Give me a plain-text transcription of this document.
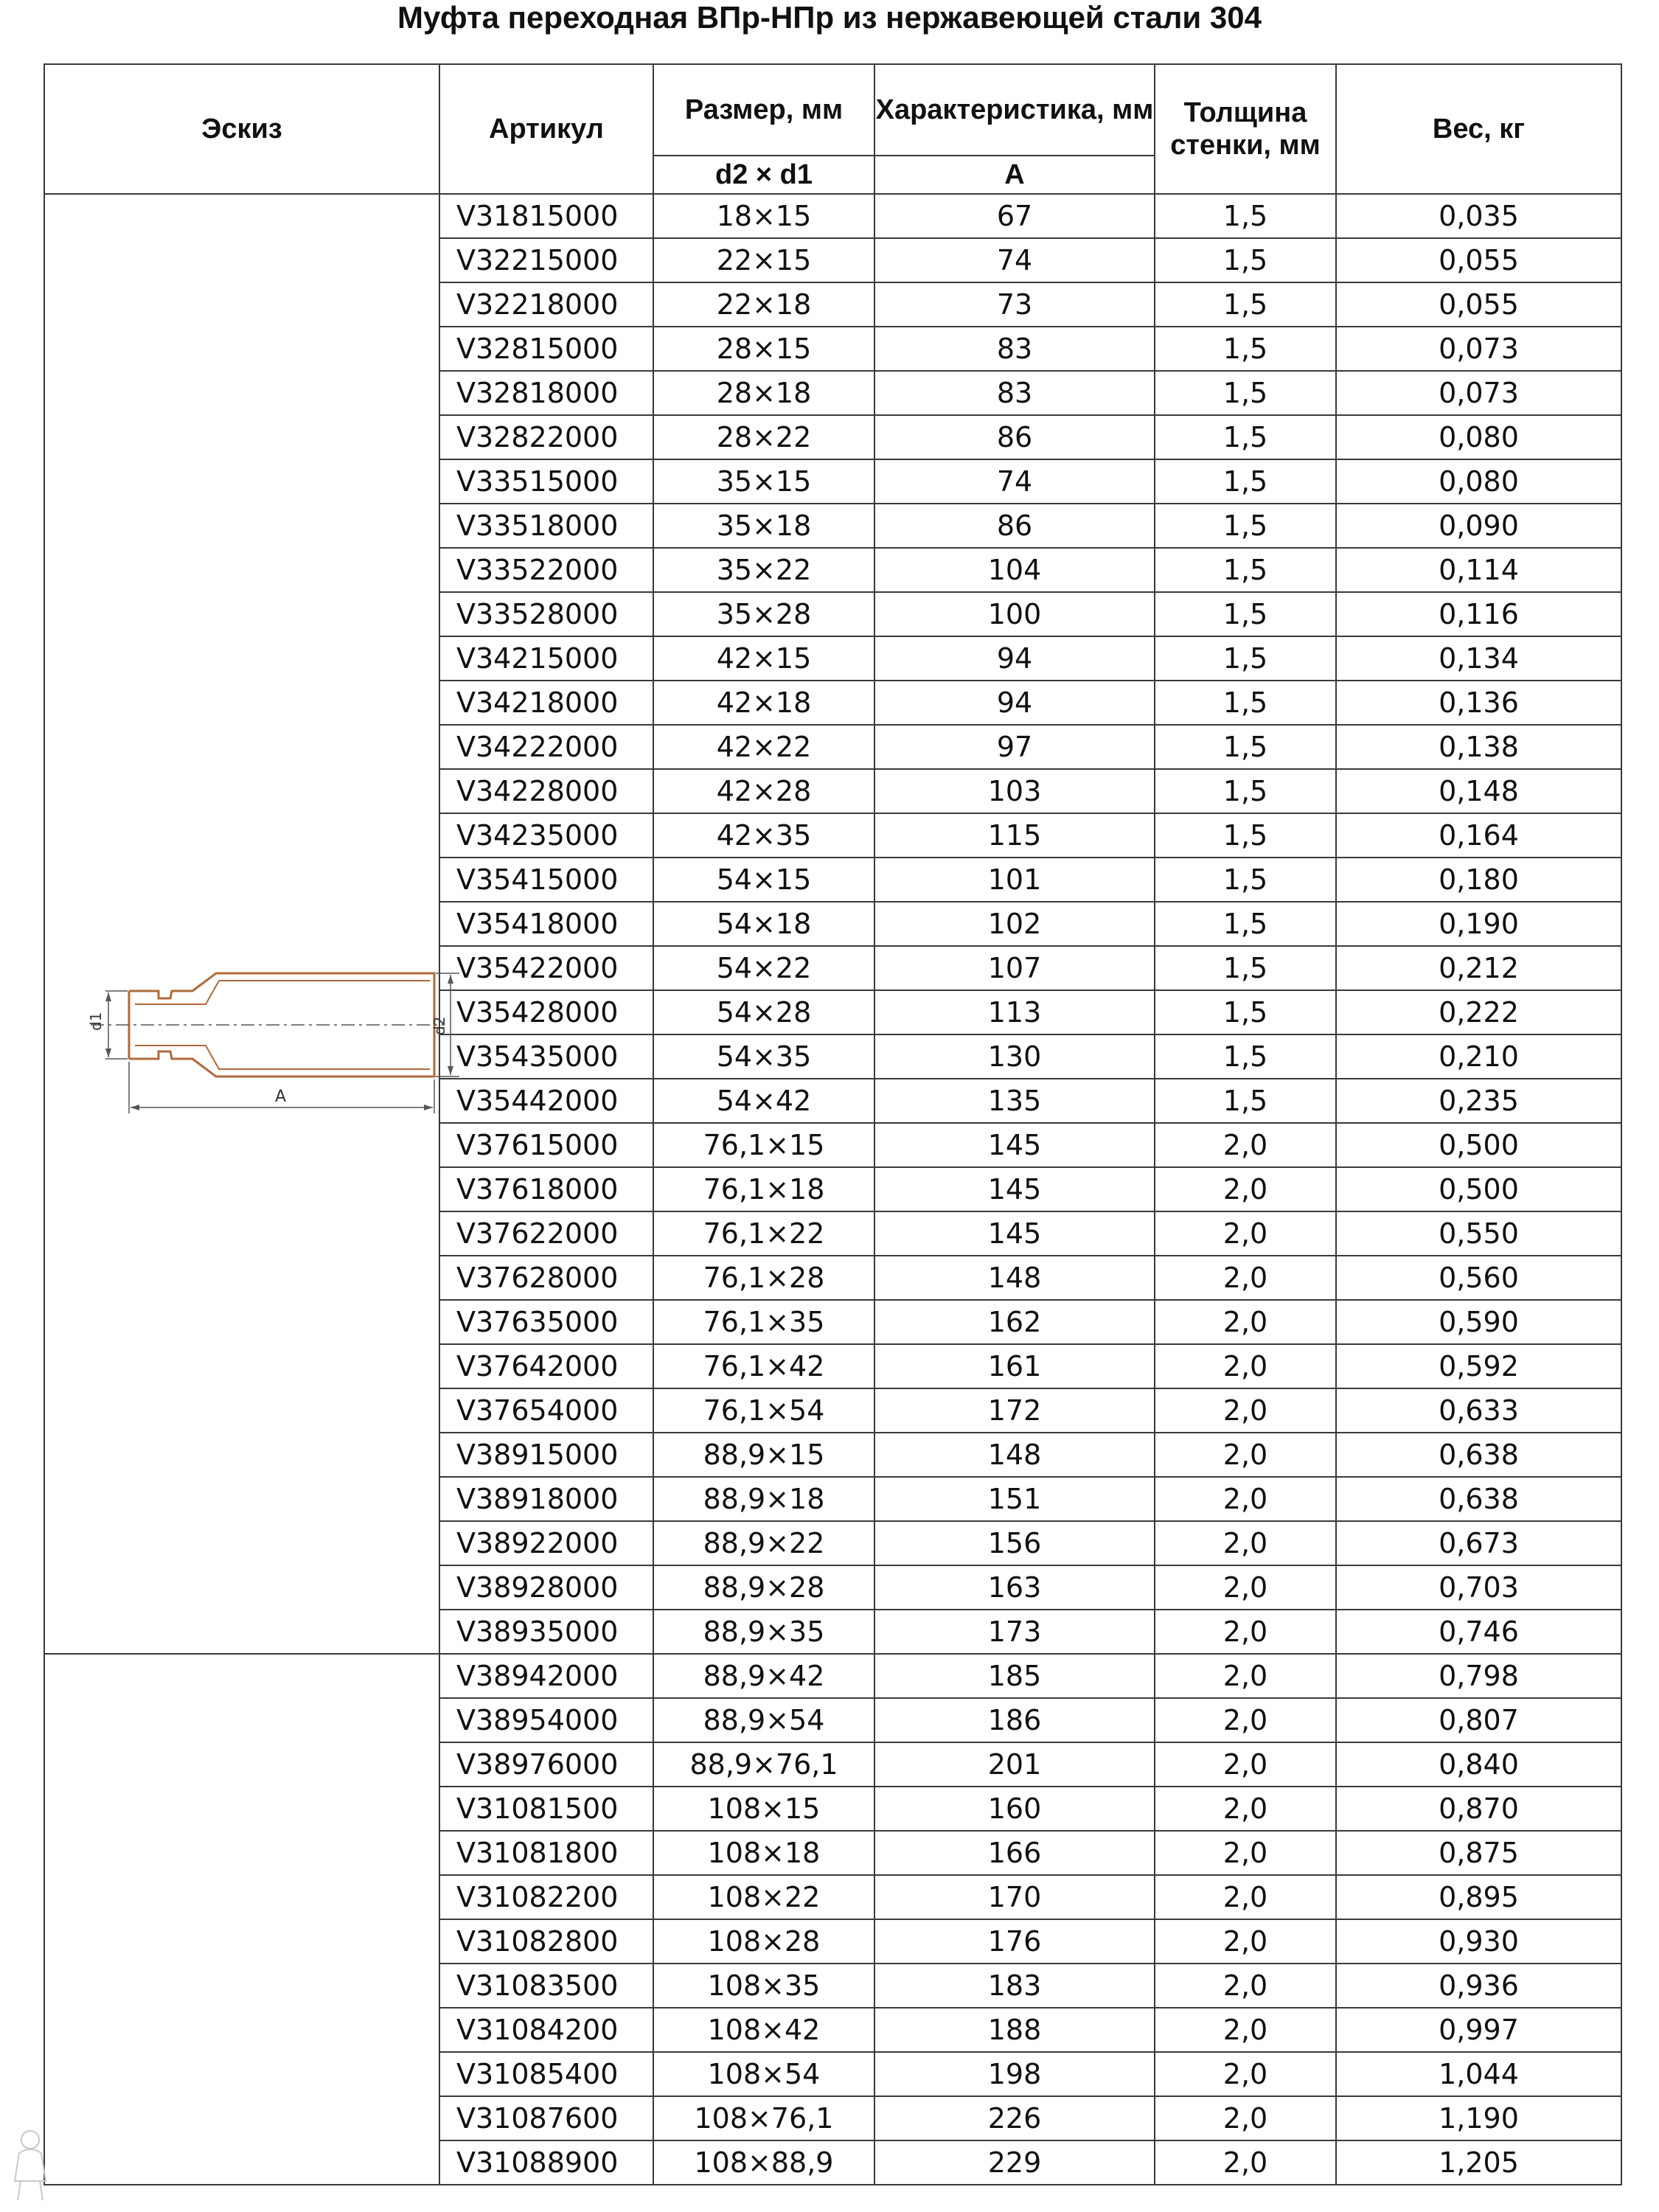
Муфта переходная ВПр-НПр из нержавеющей стали 304
Эскиз	Артикул	Размер, мм	Характеристика, мм	Толщина стенки, мм	Вес, кг
		d2 × d1	A		

d1 d2
A	V31815000	18×15	67	1,5	0,035
	V32215000	22×15	74	1,5	0,055
	V32218000	22×18	73	1,5	0,055
	V32815000	28×15	83	1,5	0,073
	V32818000	28×18	83	1,5	0,073
	V32822000	28×22	86	1,5	0,080
	V33515000	35×15	74	1,5	0,080
	V33518000	35×18	86	1,5	0,090
	V33522000	35×22	104	1,5	0,114
	V33528000	35×28	100	1,5	0,116
	V34215000	42×15	94	1,5	0,134
	V34218000	42×18	94	1,5	0,136
	V34222000	42×22	97	1,5	0,138
	V34228000	42×28	103	1,5	0,148
	V34235000	42×35	115	1,5	0,164
	V35415000	54×15	101	1,5	0,180
	V35418000	54×18	102	1,5	0,190
	V35422000	54×22	107	1,5	0,212
	V35428000	54×28	113	1,5	0,222
	V35435000	54×35	130	1,5	0,210
	V35442000	54×42	135	1,5	0,235
	V37615000	76,1×15	145	2,0	0,500
	V37618000	76,1×18	145	2,0	0,500
	V37622000	76,1×22	145	2,0	0,550
	V37628000	76,1×28	148	2,0	0,560
	V37635000	76,1×35	162	2,0	0,590
	V37642000	76,1×42	161	2,0	0,592
	V37654000	76,1×54	172	2,0	0,633
	V38915000	88,9×15	148	2,0	0,638
	V38918000	88,9×18	151	2,0	0,638
	V38922000	88,9×22	156	2,0	0,673
	V38928000	88,9×28	163	2,0	0,703
	V38935000	88,9×35	173	2,0	0,746
	V38942000	88,9×42	185	2,0	0,798
	V38954000	88,9×54	186	2,0	0,807
	V38976000	88,9×76,1	201	2,0	0,840
	V31081500	108×15	160	2,0	0,870
	V31081800	108×18	166	2,0	0,875
	V31082200	108×22	170	2,0	0,895
	V31082800	108×28	176	2,0	0,930
	V31083500	108×35	183	2,0	0,936
	V31084200	108×42	188	2,0	0,997
	V31085400	108×54	198	2,0	1,044
	V31087600	108×76,1	226	2,0	1,190
	V31088900	108×88,9	229	2,0	1,205
